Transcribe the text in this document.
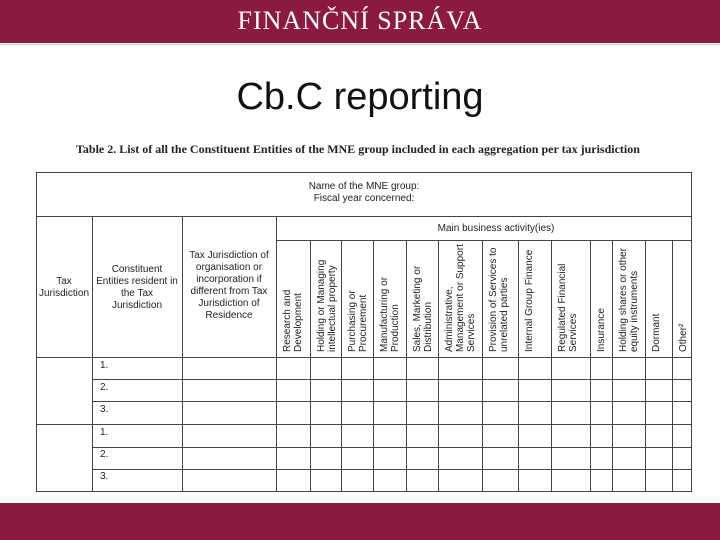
FINANČNÍ SPRÁVA
Cb.C reporting
Table 2. List of all the Constituent Entities of the MNE group included in each aggregation per tax jurisdiction
Name of the MNE group:
Fiscal year concerned:
Main business activity(ies)
Tax Jurisdiction
Constituent Entities resident in the Tax Jurisdiction
Tax Jurisdiction of organisation or incorporation if different from Tax Jurisdiction of Residence	Research and
Development Holding or Managing
intellectual property
Purchasing or
Procurement Manufacturing or
Production Sales, Marketing or
Distribution Administrative,
Management or Support
Services Provision of Services to
unrelated parties Internal Group Finance Regulated Financial
Services Insurance Holding shares or other
equity instruments
Dormant Other²
1.
2.
3.
1.
2.
3.
